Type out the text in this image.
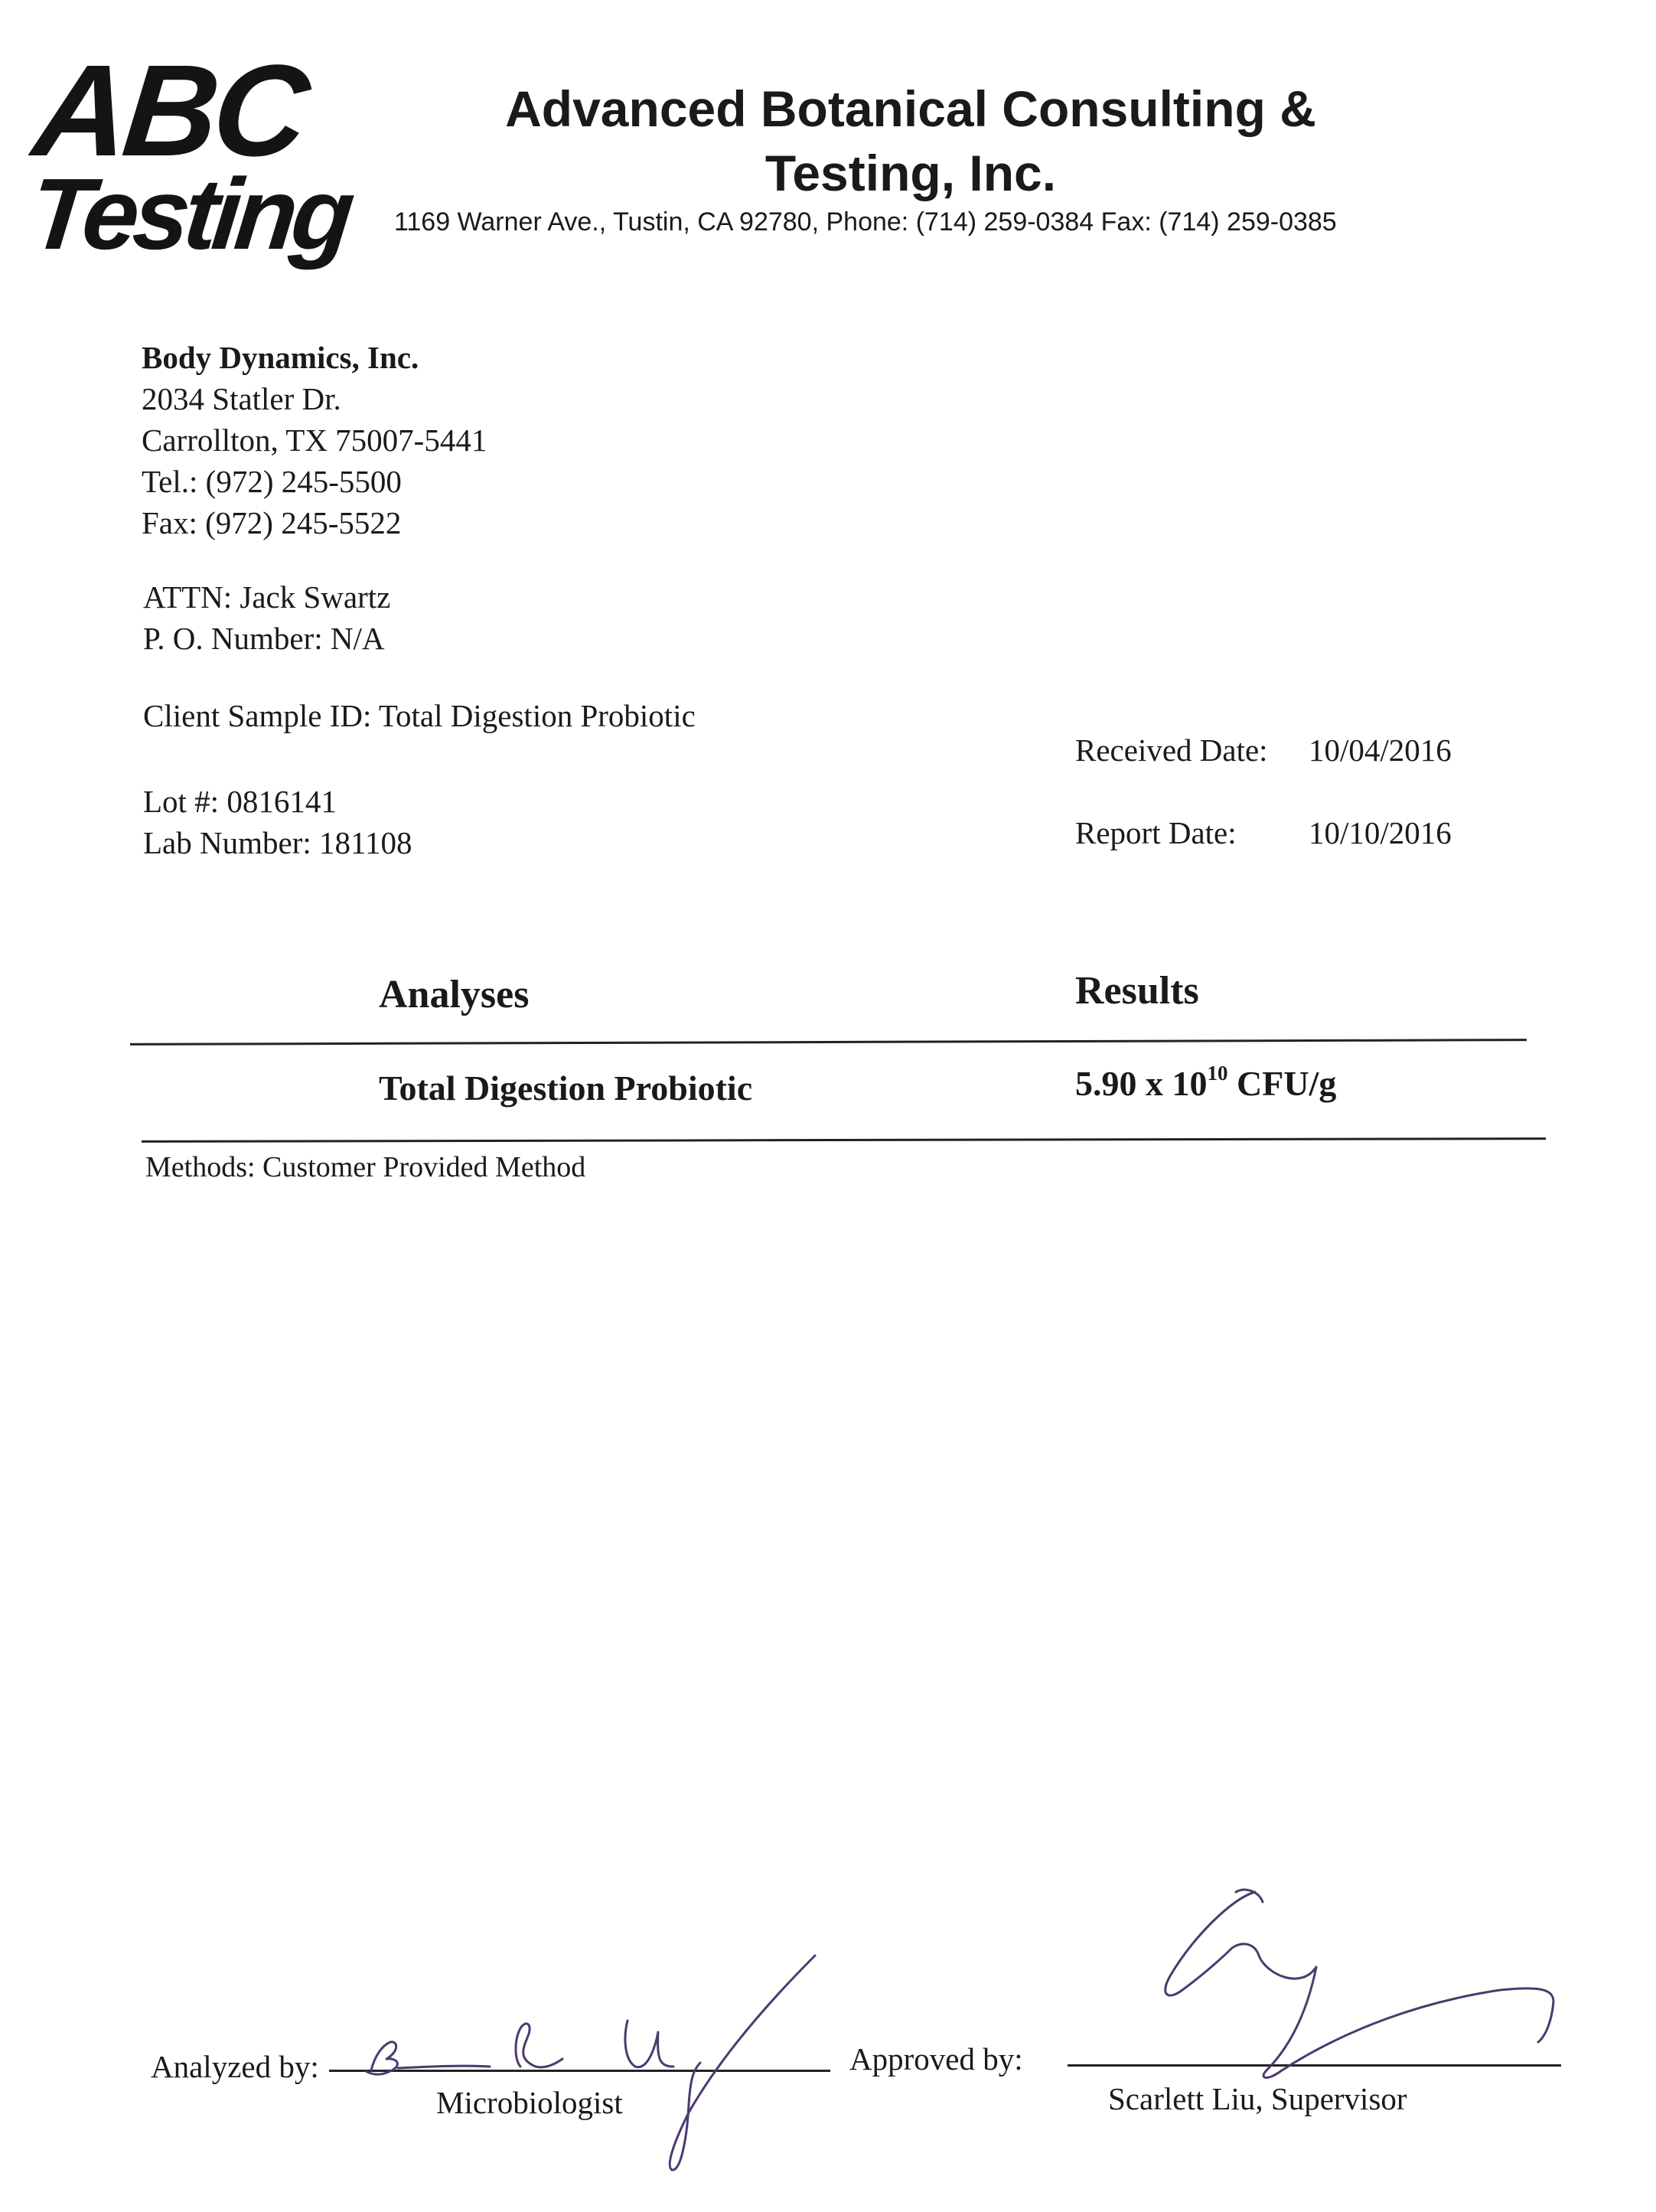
ABC
Testing
Advanced Botanical Consulting & Testing, Inc.
1169 Warner Ave., Tustin, CA 92780, Phone: (714) 259-0384 Fax: (714) 259-0385
Body Dynamics, Inc.
2034 Statler Dr.
Carrollton, TX 75007-5441
Tel.: (972) 245-5500
Fax: (972) 245-5522
ATTN: Jack Swartz
P. O. Number: N/A
Client Sample ID: Total Digestion Probiotic
Lot #: 0816141
Lab Number: 181108
Received Date:	10/04/2016
Report Date:	10/10/2016
Analyses	Results
Total Digestion Probiotic	5.90 x $10^{10}$ CFU/g
Methods: Customer Provided Method
Analyzed by:
Microbiologist
Approved by:
Scarlett Liu, Supervisor
